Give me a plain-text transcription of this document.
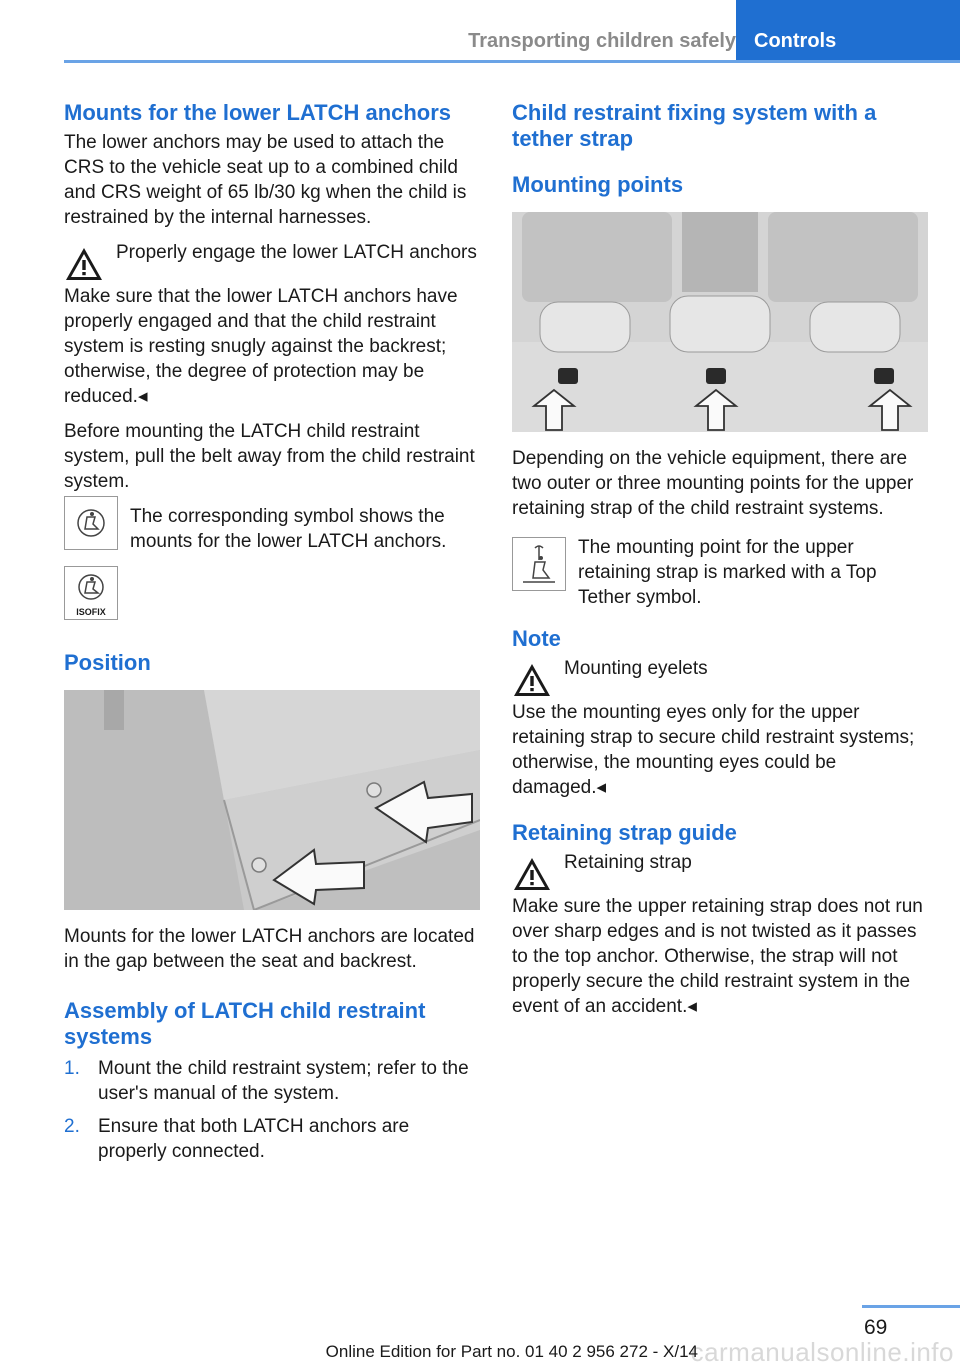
Transporting children safely Controls
Mounts for the lower LATCH anchors

The lower anchors may be used to attach the CRS to the vehicle seat up to a combined child and CRS weight of 65 lb/30 kg when the child is restrained by the internal harnesses.

Properly engage the lower LATCH anchors

Make sure that the lower LATCH anchors have properly engaged and that the child restraint system is resting snugly against the backrest; otherwise, the degree of protection may be reduced.◂

Before mounting the LATCH child restraint system, pull the belt away from the child restraint system.

The corresponding symbol shows the mounts for the lower LATCH anchors.

ISOFIX
Position

Mounts for the lower LATCH anchors are located in the gap between the seat and backrest.

Assembly of LATCH child restraint systems
1. Mount the child restraint system; refer to the user's manual of the system.
2. Ensure that both LATCH anchors are properly connected.
Child restraint fixing system with a tether strap
Mounting points

Depending on the vehicle equipment, there are two outer or three mounting points for the upper retaining strap of the child restraint systems.

The mounting point for the upper retaining strap is marked with a Top Tether symbol.

Note

Mounting eyelets

Use the mounting eyes only for the upper retaining strap to secure child restraint systems; otherwise, the mounting eyes could be damaged.◂

Retaining strap guide

Retaining strap

Make sure the upper retaining strap does not run over sharp edges and is not twisted as it passes to the top anchor. Otherwise, the strap will not properly secure the child restraint system in the event of an accident.◂

69
carmanualsonline.info
Online Edition for Part no. 01 40 2 956 272 - X/14
